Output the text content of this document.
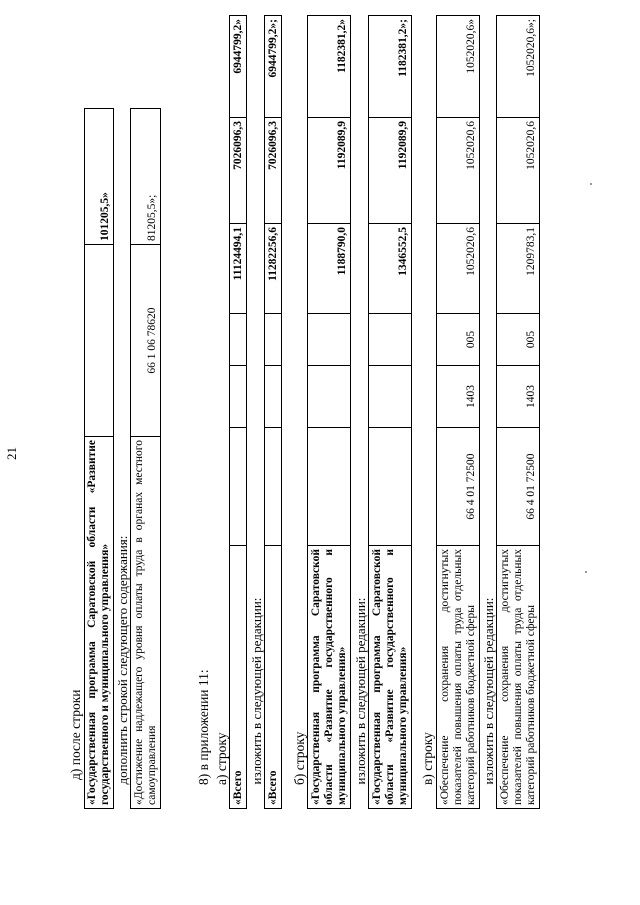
21
д) после строки «Государственная программа Саратовской области «Развитие государственного и муниципального управления»		101205,5»
дополнить строкой следующего содержания:		
«Достижение надлежащего уровня оплаты труда в органах местного самоуправления	66 1 06 78620	81205,5»;
8) в приложении 11: а) строку
«Всего				11124494,1	7026096,3	6944799,2»
изложить в следующей редакции:						
«Всего				11282256,6	7026096,3	6944799,2»;
б) строку «Государственная программа Саратовской области «Развитие государственного и муниципального управления»				1188790,0	1192089,9	1182381,2»
изложить в следующей редакции:						
«Государственная программа Саратовской области «Развитие государственного и муниципального управления»				1346552,5	1192089,9	1182381,2»;
в) строку «Обеспечение сохранения достигнутых показателей повышения оплаты труда отдельных категорий работников бюджетной сферы	66 4 01 72500	1403	005	1052020,6	1052020,6	1052020,6»
изложить в следующей редакции:						
«Обеспечение сохранения достигнутых показателей повышения оплаты труда отдельных категорий работников бюджетной сферы	66 4 01 72500	1403	005	1209783,1	1052020,6	1052020,6»;
